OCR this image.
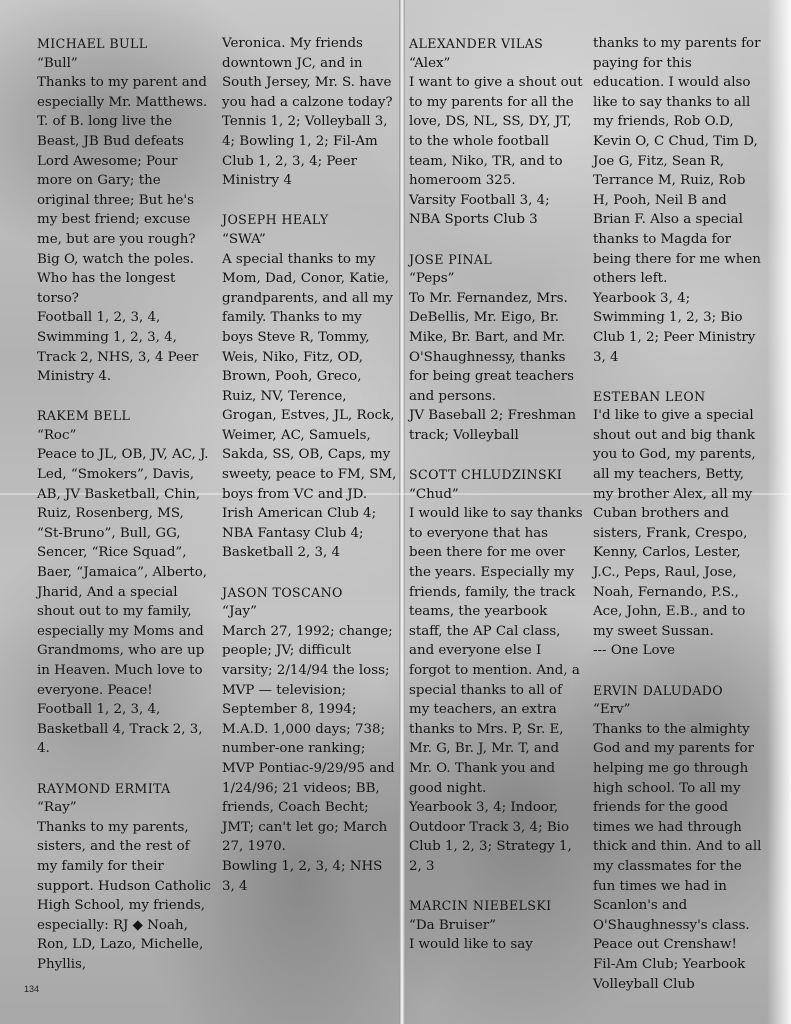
MICHAEL BULL

“Bull”

Thanks to my parent and especially Mr. Matthews. T. of B. long live the Beast, JB Bud defeats Lord Awesome; Pour more on Gary; the original three; But he's my best friend; excuse me, but are you rough? Big O, watch the poles. Who has the longest torso?

Football 1, 2, 3, 4, Swimming 1, 2, 3, 4, Track 2, NHS, 3, 4 Peer Ministry 4.

RAKEM BELL

“Roc”

Peace to JL, OB, JV, AC, J. Led, “Smokers”, Davis, AB, JV Basketball, Chin, Ruiz, Rosenberg, MS, “St-Bruno”, Bull, GG, Sencer, “Rice Squad”, Baer, “Jamaica”, Alberto, Jharid, And a special shout out to my family, especially my Moms and Grandmoms, who are up in Heaven. Much love to everyone. Peace!

Football 1, 2, 3, 4, Basketball 4, Track 2, 3, 4.

RAYMOND ERMITA

“Ray”

Thanks to my parents, sisters, and the rest of my family for their support. Hudson Catholic High School, my friends, especially: RJ ◆ Noah, Ron, LD, Lazo, Michelle, Phyllis,

Veronica. My friends downtown JC, and in South Jersey, Mr. S. have you had a calzone today?

Tennis 1, 2; Volleyball 3, 4; Bowling 1, 2; Fil-Am Club 1, 2, 3, 4; Peer Ministry 4

JOSEPH HEALY

“SWA”

A special thanks to my Mom, Dad, Conor, Katie, grandparents, and all my family. Thanks to my boys Steve R, Tommy, Weis, Niko, Fitz, OD, Brown, Pooh, Greco, Ruiz, NV, Terence, Grogan, Estves, JL, Rock, Weimer, AC, Samuels, Sakda, SS, OB, Caps, my sweety, peace to FM, SM, boys from VC and JD.

Irish American Club 4; NBA Fantasy Club 4; Basketball 2, 3, 4

JASON TOSCANO

“Jay”

March 27, 1992; change; people; JV; difficult varsity; 2/14/94 the loss; MVP — television; September 8, 1994; M.A.D. 1,000 days; 738; number-one ranking; MVP Pontiac-9/29/95 and 1/24/96; 21 videos; BB, friends, Coach Becht; JMT; can't let go; March 27, 1970.

Bowling 1, 2, 3, 4; NHS 3, 4

ALEXANDER VILAS

“Alex”

I want to give a shout out to my parents for all the love, DS, NL, SS, DY, JT, to the whole football team, Niko, TR, and to homeroom 325.

Varsity Football 3, 4; NBA Sports Club 3

JOSE PINAL

“Peps”

To Mr. Fernandez, Mrs. DeBellis, Mr. Eigo, Br. Mike, Br. Bart, and Mr. O'Shaughnessy, thanks for being great teachers and persons.

JV Baseball 2; Freshman track; Volleyball

SCOTT CHLUDZINSKI

“Chud”

I would like to say thanks to everyone that has been there for me over the years. Especially my friends, family, the track teams, the yearbook staff, the AP Cal class, and everyone else I forgot to mention. And, a special thanks to all of my teachers, an extra thanks to Mrs. P, Sr. E, Mr. G, Br. J, Mr. T, and Mr. O. Thank you and good night.

Yearbook 3, 4; Indoor, Outdoor Track 3, 4; Bio Club 1, 2, 3; Strategy 1, 2, 3

MARCIN NIEBELSKI

“Da Bruiser”

I would like to say

thanks to my parents for paying for this education. I would also like to say thanks to all my friends, Rob O.D, Kevin O, C Chud, Tim D, Joe G, Fitz, Sean R, Terrance M, Ruiz, Rob H, Pooh, Neil B and Brian F. Also a special thanks to Magda for being there for me when others left.

Yearbook 3, 4; Swimming 1, 2, 3; Bio Club 1, 2; Peer Ministry 3, 4

ESTEBAN LEON

I'd like to give a special shout out and big thank you to God, my parents, all my teachers, Betty, my brother Alex, all my Cuban brothers and sisters, Frank, Crespo, Kenny, Carlos, Lester, J.C., Peps, Raul, Jose, Noah, Fernando, P.S., Ace, John, E.B., and to my sweet Sussan.

--- One Love

ERVIN DALUDADO

“Erv”

Thanks to the almighty God and my parents for helping me go through high school. To all my friends for the good times we had through thick and thin. And to all my classmates for the fun times we had in Scanlon's and O'Shaughnessy's class. Peace out Crenshaw!

Fil-Am Club; Yearbook Volleyball Club

134
